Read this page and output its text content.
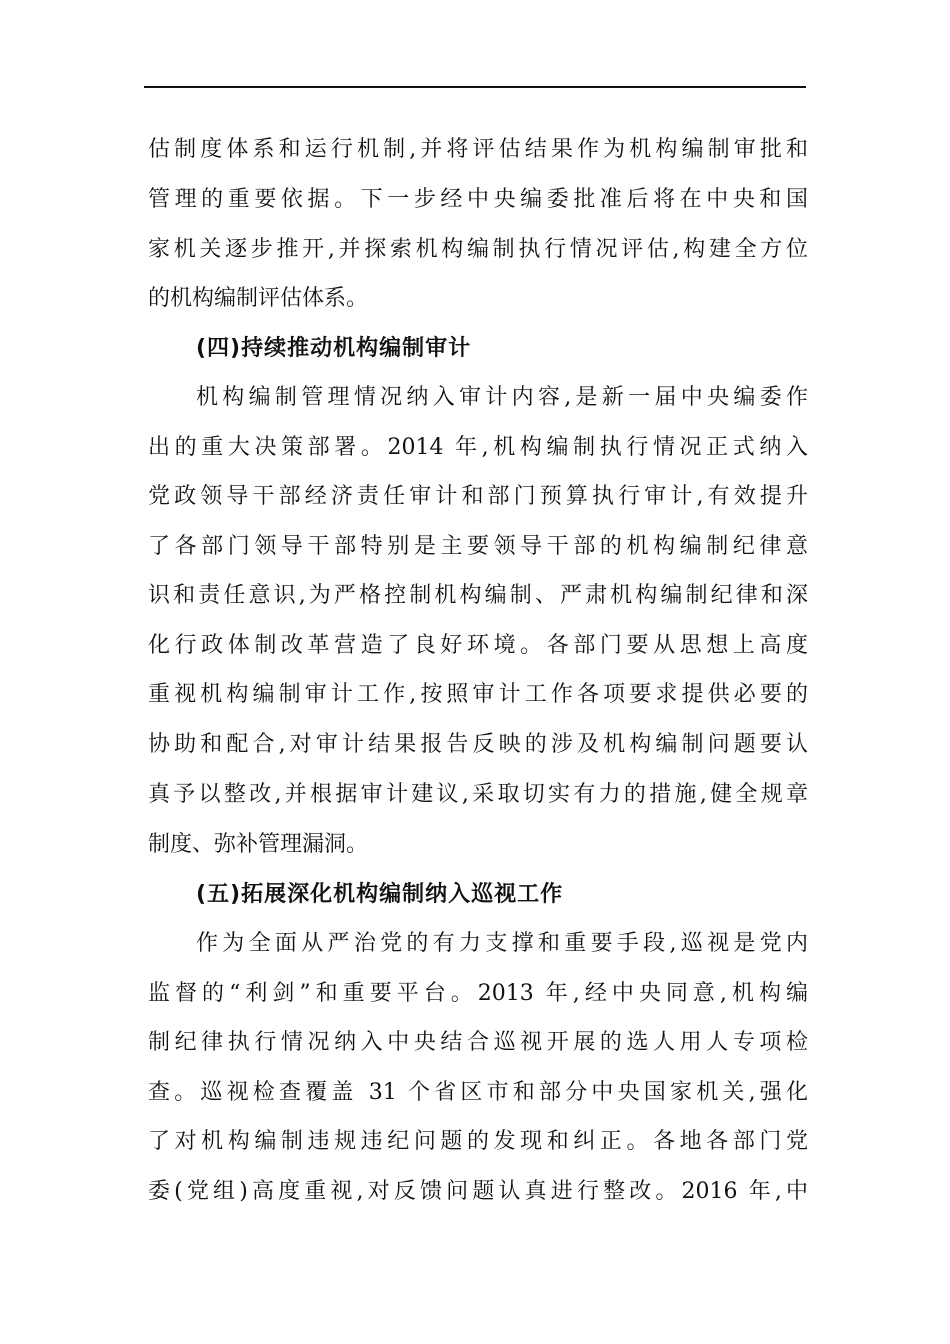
估制度体系和运行机制,并将评估结果作为机构编制审批和
管理的重要依据。下一步经中央编委批准后将在中央和国
家机关逐步推开,并探索机构编制执行情况评估,构建全方位
的机构编制评估体系。
(四)持续推动机构编制审计
机构编制管理情况纳入审计内容,是新一届中央编委作
出的重大决策部署。2014 年,机构编制执行情况正式纳入
党政领导干部经济责任审计和部门预算执行审计,有效提升
了各部门领导干部特别是主要领导干部的机构编制纪律意
识和责任意识,为严格控制机构编制、严肃机构编制纪律和深
化行政体制改革营造了良好环境。各部门要从思想上高度
重视机构编制审计工作,按照审计工作各项要求提供必要的
协助和配合,对审计结果报告反映的涉及机构编制问题要认
真予以整改,并根据审计建议,采取切实有力的措施,健全规章
制度、弥补管理漏洞。
(五)拓展深化机构编制纳入巡视工作
作为全面从严治党的有力支撑和重要手段,巡视是党内
监督的“利剑”和重要平台。2013 年,经中央同意,机构编
制纪律执行情况纳入中央结合巡视开展的选人用人专项检
查。巡视检查覆盖 31 个省区市和部分中央国家机关,强化
了对机构编制违规违纪问题的发现和纠正。各地各部门党
委(党组)高度重视,对反馈问题认真进行整改。2016 年,中
